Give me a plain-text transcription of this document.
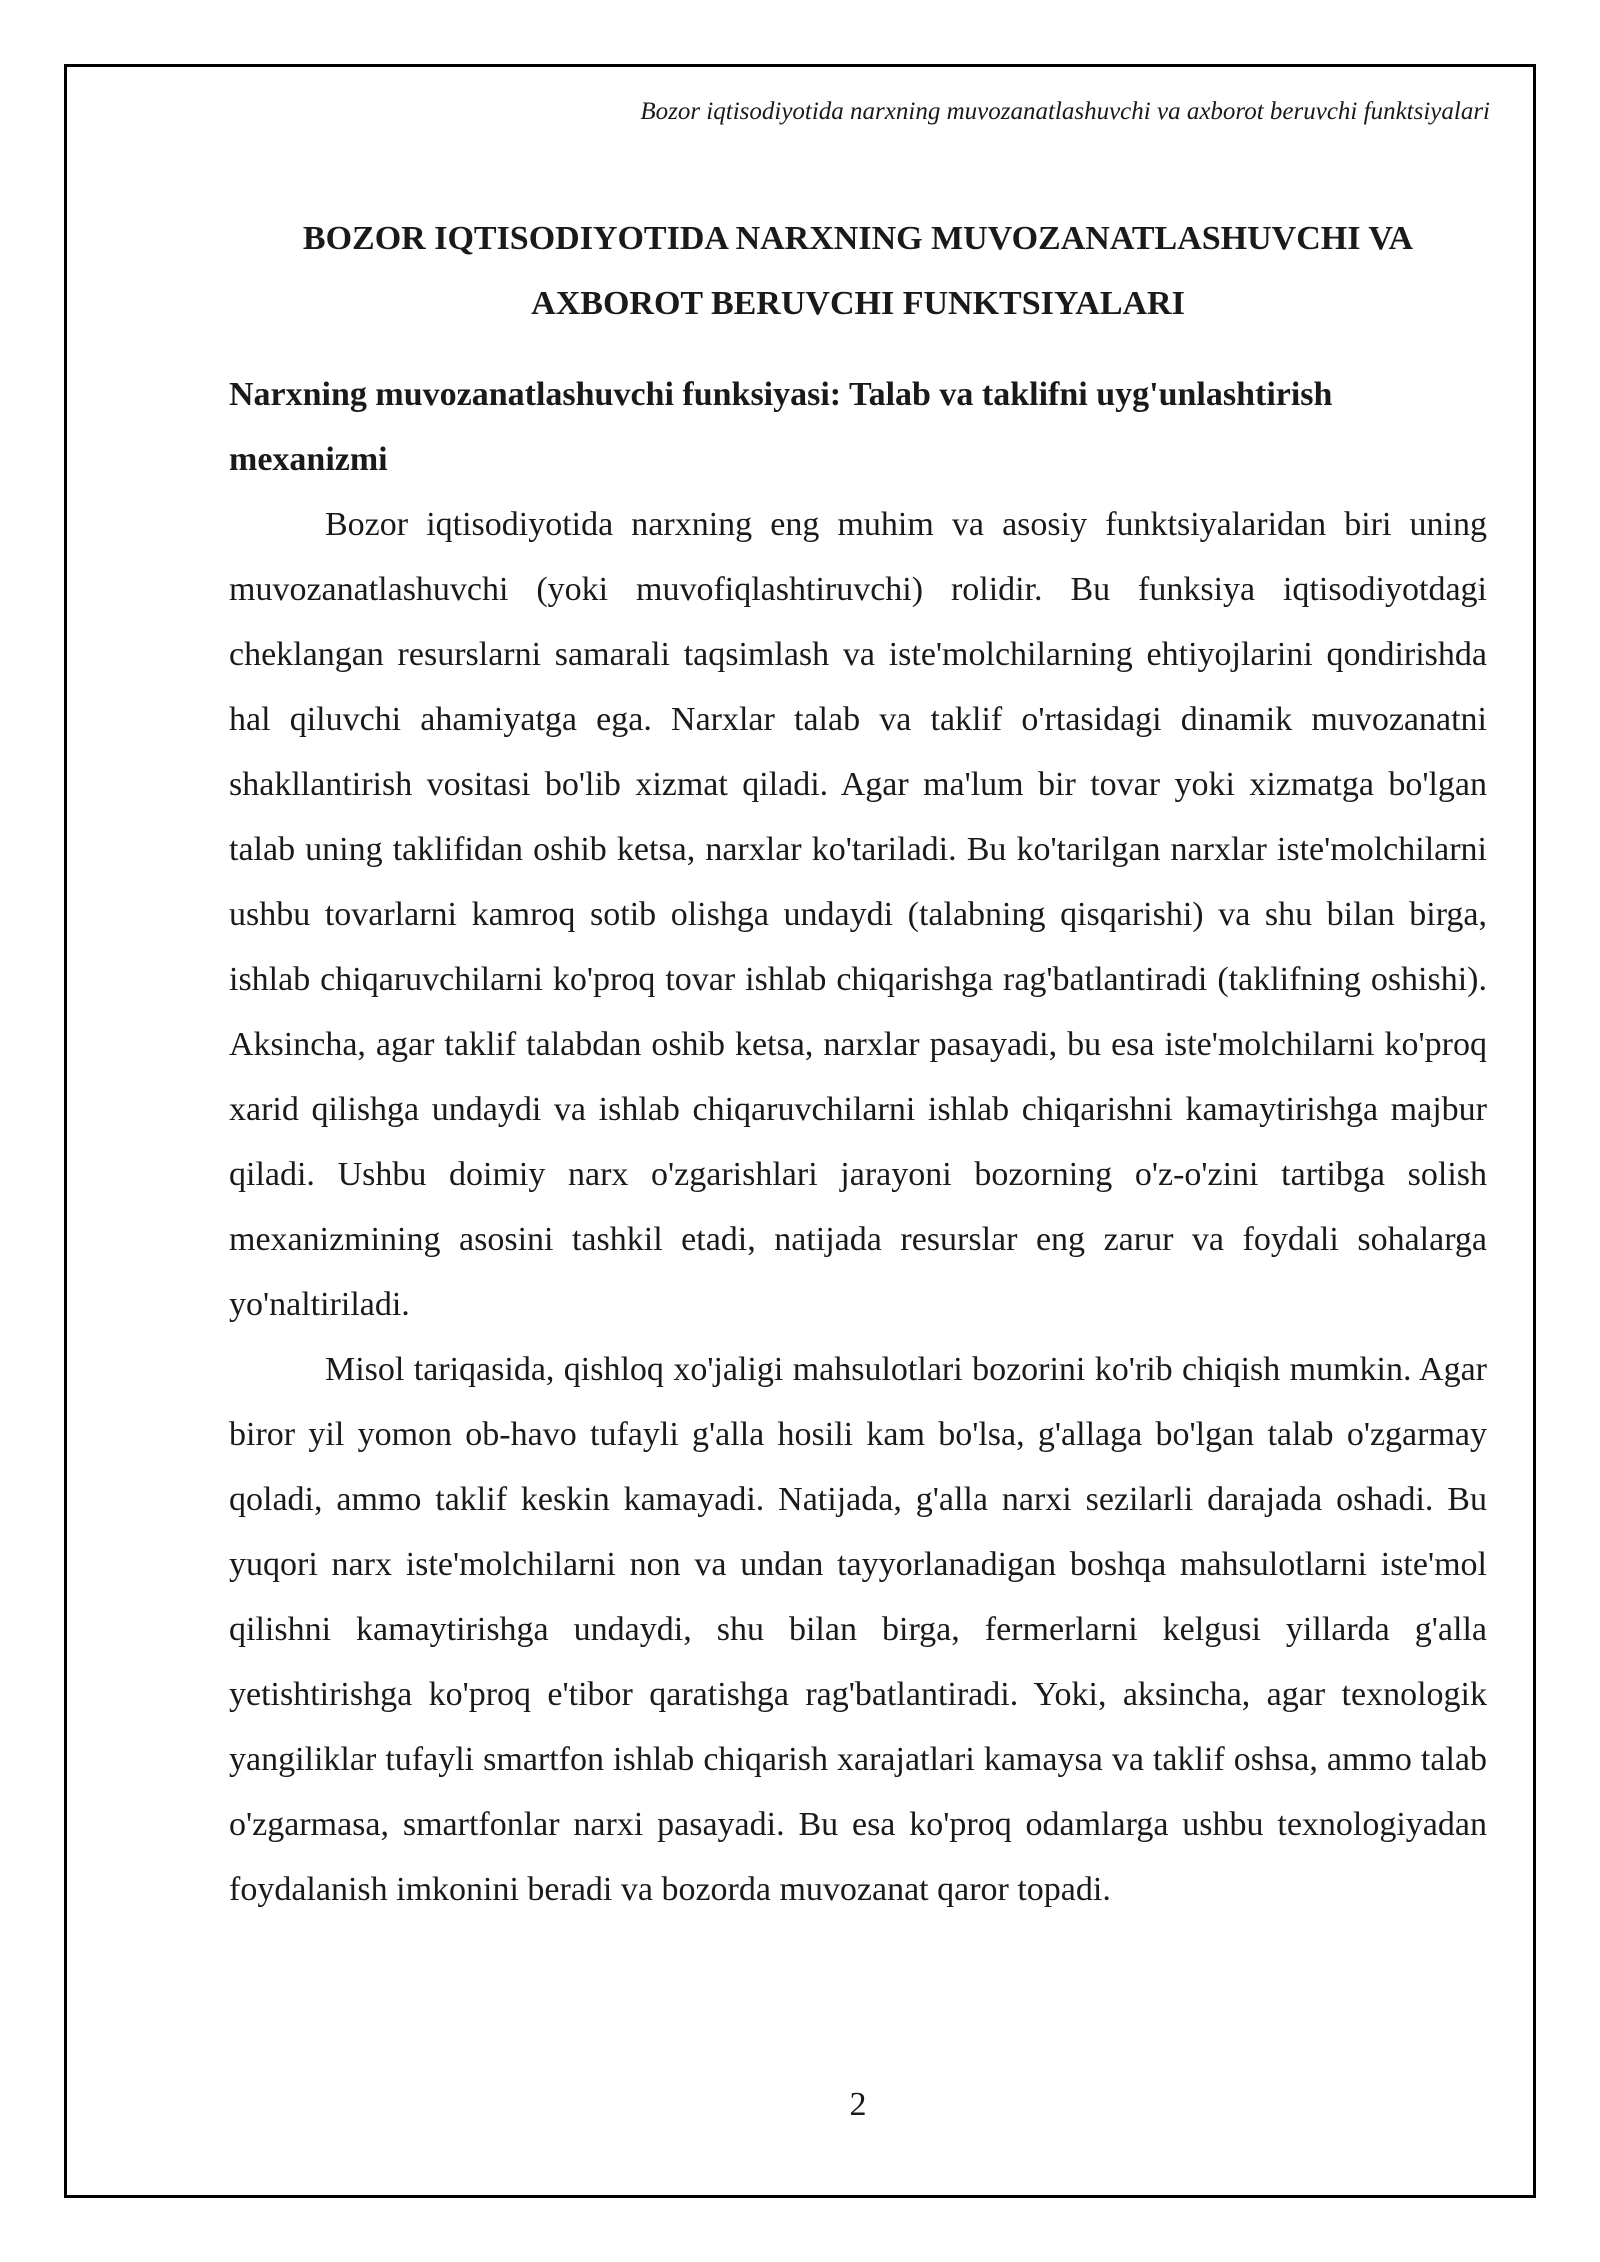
Bozor iqtisodiyotida narxning muvozanatlashuvchi va axborot beruvchi funktsiyalari
BOZOR IQTISODIYOTIDA NARXNING MUVOZANATLASHUVCHI VA
AXBOROT BERUVCHI FUNKTSIYALARI
Narxning muvozanatlashuvchi funksiyasi: Talab va taklifni uyg'unlashtirish mexanizmi

Bozor iqtisodiyotida narxning eng muhim va asosiy funktsiyalaridan biri uning muvozanatlashuvchi (yoki muvofiqlashtiruvchi) rolidir. Bu funksiya iqtisodiyotdagi cheklangan resurslarni samarali taqsimlash va iste'molchilarning ehtiyojlarini qondirishda hal qiluvchi ahamiyatga ega. Narxlar talab va taklif o'rtasidagi dinamik muvozanatni shakllantirish vositasi bo'lib xizmat qiladi. Agar ma'lum bir tovar yoki xizmatga bo'lgan talab uning taklifidan oshib ketsa, narxlar ko'tariladi. Bu ko'tarilgan narxlar iste'molchilarni ushbu tovarlarni kamroq sotib olishga undaydi (talabning qisqarishi) va shu bilan birga, ishlab chiqaruvchilarni ko'proq tovar ishlab chiqarishga rag'batlantiradi (taklifning oshishi). Aksincha, agar taklif talabdan oshib ketsa, narxlar pasayadi, bu esa iste'molchilarni ko'proq xarid qilishga undaydi va ishlab chiqaruvchilarni ishlab chiqarishni kamaytirishga majbur qiladi. Ushbu doimiy narx o'zgarishlari jarayoni bozorning o'z-o'zini tartibga solish mexanizmining asosini tashkil etadi, natijada resurslar eng zarur va foydali sohalarga yo'naltiriladi.

Misol tariqasida, qishloq xo'jaligi mahsulotlari bozorini ko'rib chiqish mumkin. Agar biror yil yomon ob-havo tufayli g'alla hosili kam bo'lsa, g'allaga bo'lgan talab o'zgarmay qoladi, ammo taklif keskin kamayadi. Natijada, g'alla narxi sezilarli darajada oshadi. Bu yuqori narx iste'molchilarni non va undan tayyorlanadigan boshqa mahsulotlarni iste'mol qilishni kamaytirishga undaydi, shu bilan birga, fermerlarni kelgusi yillarda g'alla yetishtirishga ko'proq e'tibor qaratishga rag'batlantiradi. Yoki, aksincha, agar texnologik yangiliklar tufayli smartfon ishlab chiqarish xarajatlari kamaysa va taklif oshsa, ammo talab o'zgarmasa, smartfonlar narxi pasayadi. Bu esa ko'proq odamlarga ushbu texnologiyadan foydalanish imkonini beradi va bozorda muvozanat qaror topadi.

2
